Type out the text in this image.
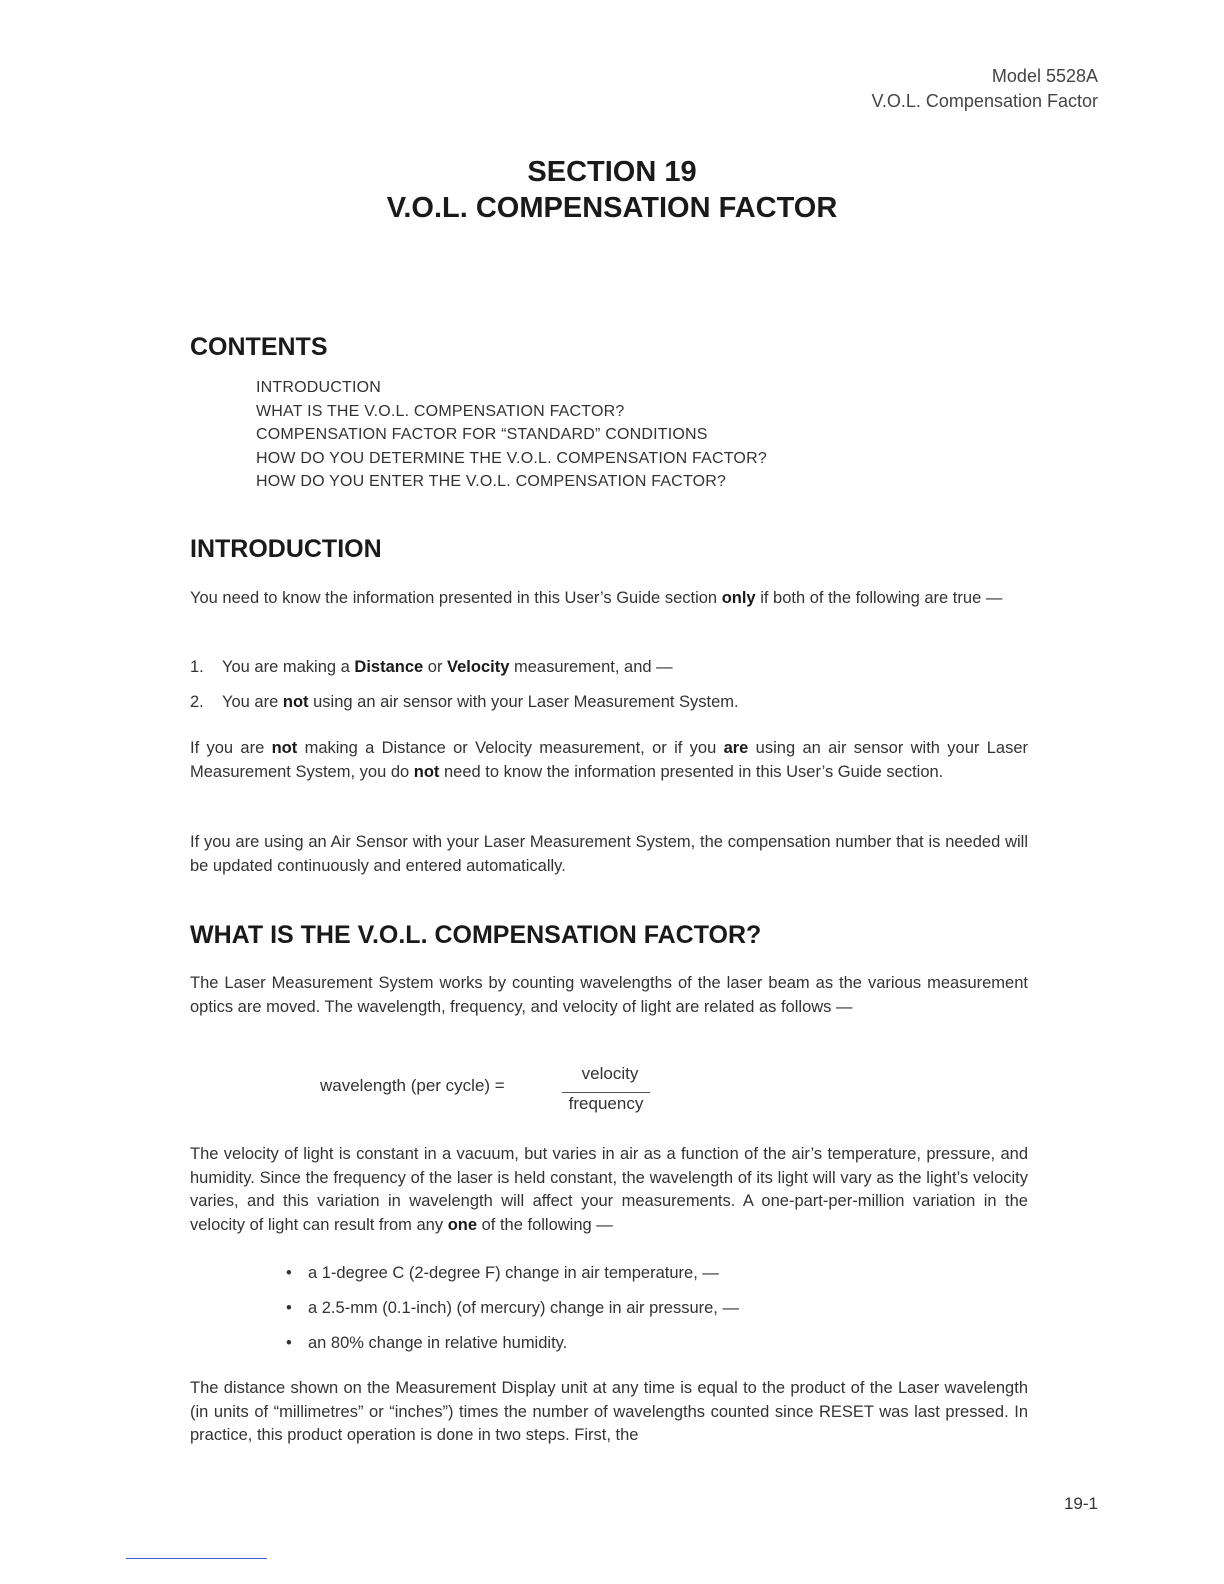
Model 5528A
V.O.L. Compensation Factor
SECTION 19
V.O.L. COMPENSATION FACTOR
CONTENTS
INTRODUCTION
WHAT IS THE V.O.L. COMPENSATION FACTOR?
COMPENSATION FACTOR FOR “STANDARD” CONDITIONS
HOW DO YOU DETERMINE THE V.O.L. COMPENSATION FACTOR?
HOW DO YOU ENTER THE V.O.L. COMPENSATION FACTOR?
INTRODUCTION
You need to know the information presented in this User’s Guide section only if both of the following are true —
1. You are making a Distance or Velocity measurement, and —
2. You are not using an air sensor with your Laser Measurement System.
If you are not making a Distance or Velocity measurement, or if you are using an air sensor with your Laser Measurement System, you do not need to know the information presented in this User’s Guide section.
If you are using an Air Sensor with your Laser Measurement System, the compensation number that is needed will be updated continuously and entered automatically.
WHAT IS THE V.O.L. COMPENSATION FACTOR?
The Laser Measurement System works by counting wavelengths of the laser beam as the various measurement optics are moved. The wavelength, frequency, and velocity of light are related as follows —
wavelength (per cycle) =
velocity
frequency
The velocity of light is constant in a vacuum, but varies in air as a function of the air’s temperature, pressure, and humidity. Since the frequency of the laser is held constant, the wavelength of its light will vary as the light’s velocity varies, and this variation in wavelength will affect your measurements. A one-part-per-million variation in the velocity of light can result from any one of the following —
• a 1-degree C (2-degree F) change in air temperature, —
• a 2.5-mm (0.1-inch) (of mercury) change in air pressure, —
• an 80% change in relative humidity.
The distance shown on the Measurement Display unit at any time is equal to the product of the Laser wavelength (in units of “millimetres” or “inches”) times the number of wavelengths counted since RESET was last pressed. In practice, this product operation is done in two steps. First, the
19-1
